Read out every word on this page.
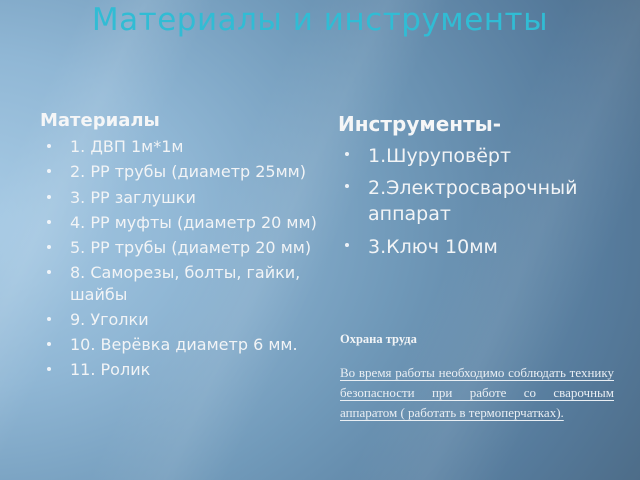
Материалы и инструменты
Материалы
1. ДВП 1м*1м
2. PP трубы (диаметр 25мм)
3. PP заглушки
4. PP муфты (диаметр 20 мм)
5. PP трубы (диаметр 20 мм)
8. Саморезы, болты, гайки, шайбы
9. Уголки
10. Верёвка диаметр 6 мм.
11. Ролик
Инструменты-
1.Шуруповёрт
2.Электросварочный аппарат
3.Ключ 10мм
Охрана труда

Во время работы необходимо соблюдать технику безопасности при работе со сварочным аппаратом ( работать в термоперчатках).
